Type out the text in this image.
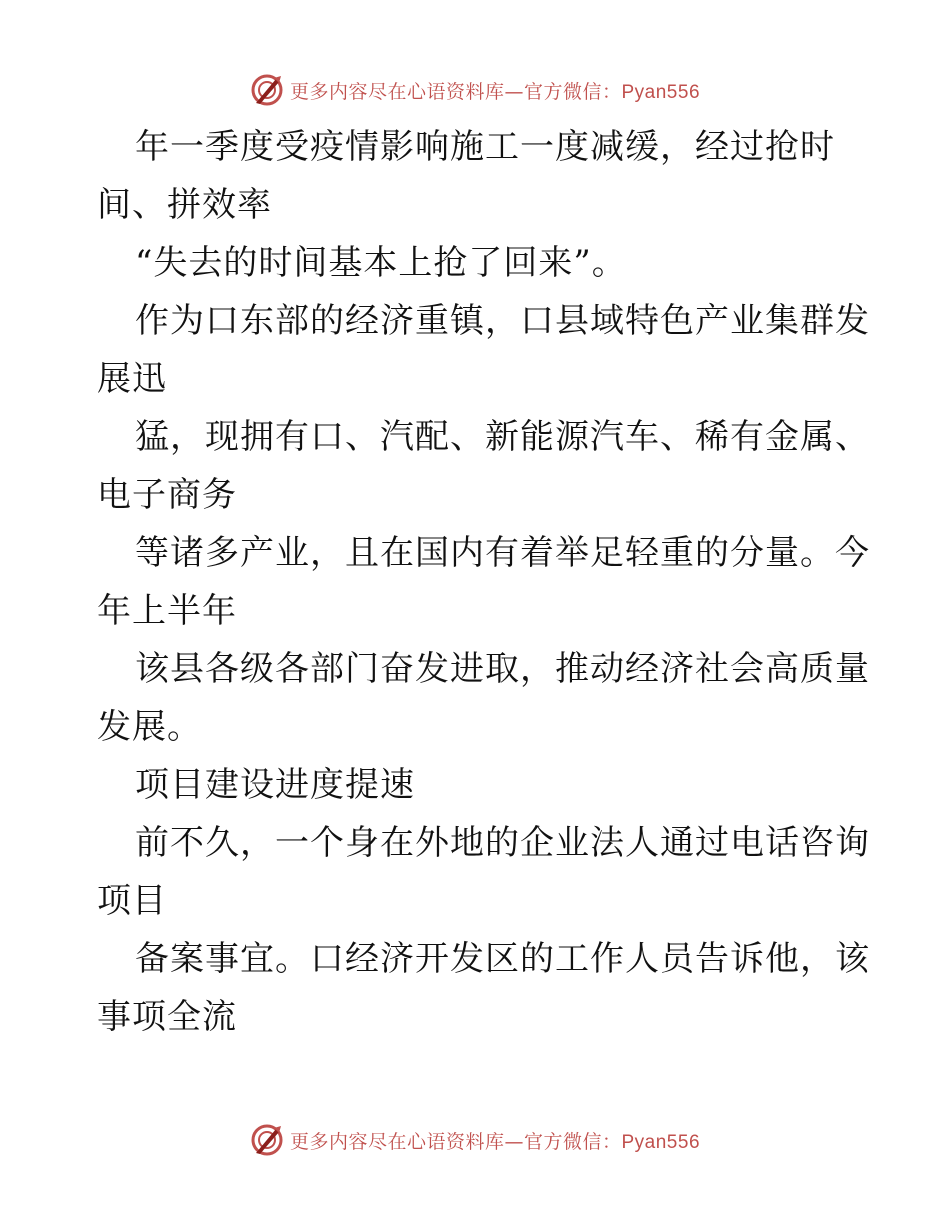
更多内容尽在心语资料库—官方微信：Pyan556

年一季度受疫情影响施工一度减缓，经过抢时
间、拼效率

“失去的时间基本上抢了回来”。

作为口东部的经济重镇，口县域特色产业集群发
展迅

猛，现拥有口、汽配、新能源汽车、稀有金属、
电子商务

等诸多产业，且在国内有着举足轻重的分量。今
年上半年

该县各级各部门奋发进取，推动经济社会高质量
发展。

项目建设进度提速

前不久，一个身在外地的企业法人通过电话咨询
项目

备案事宜。口经济开发区的工作人员告诉他，该
事项全流

更多内容尽在心语资料库—官方微信：Pyan556
